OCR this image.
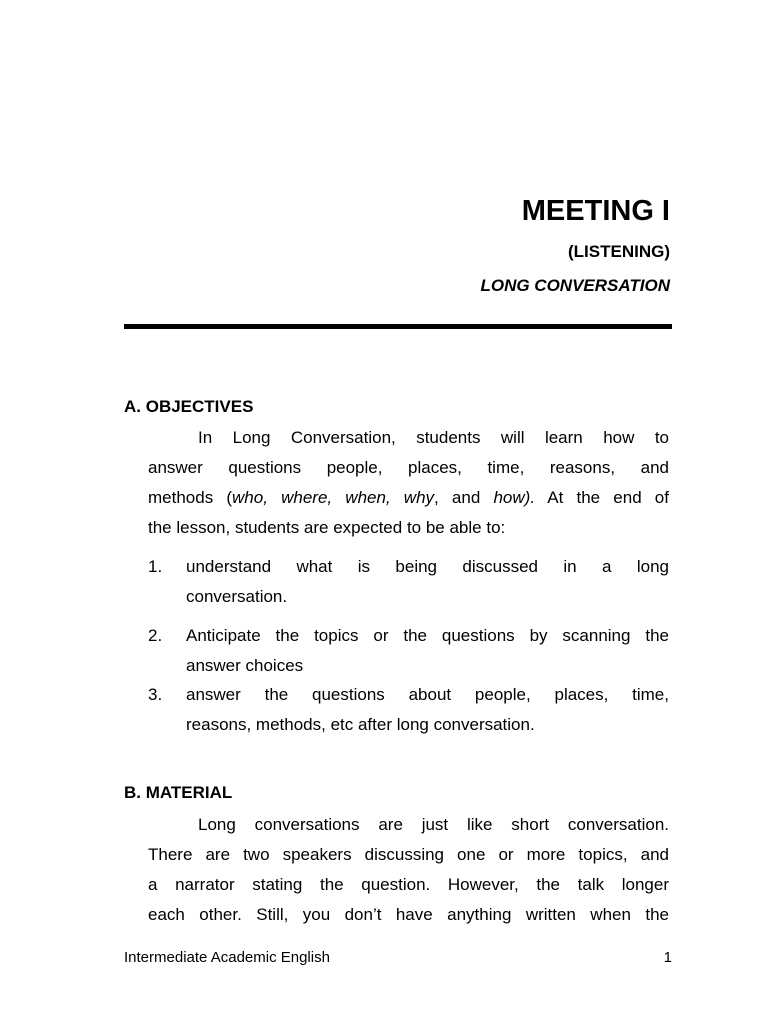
MEETING I
(LISTENING)
LONG CONVERSATION
A. OBJECTIVES
In Long Conversation, students will learn how to
answer questions people, places, time, reasons, and
methods (who, where, when, why, and how). At the end of
the lesson, students are expected to be able to:
1. understand what is being discussed in a long
conversation.
2. Anticipate the topics or the questions by scanning the
answer choices
3. answer the questions about people, places, time,
reasons, methods, etc after long conversation.
B. MATERIAL
Long conversations are just like short conversation.
There are two speakers discussing one or more topics, and
a narrator stating the question. However, the talk longer
each other. Still, you don’t have anything written when the
Intermediate Academic English	1
